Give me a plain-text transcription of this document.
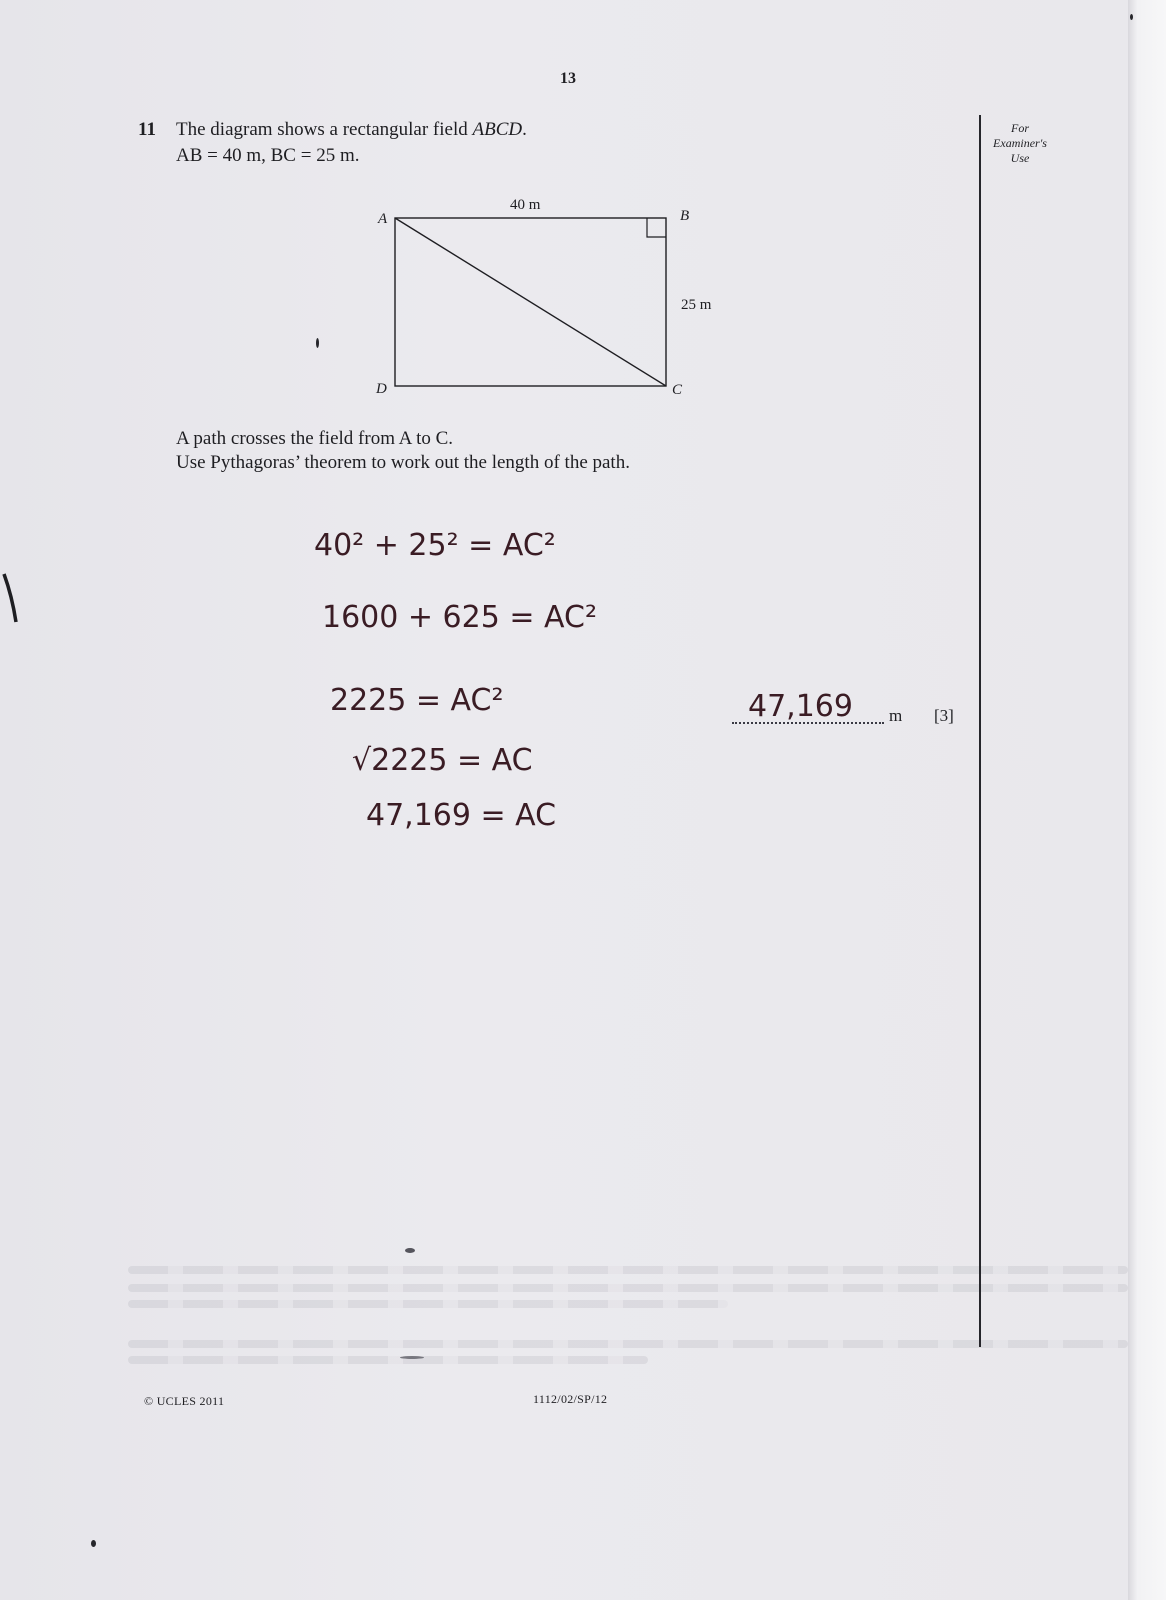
13
11 The diagram shows a rectangular field ABCD.
AB = 40 m, BC = 25 m.
For
Examiner's
Use
A	B
C
D
40 m
25 m
A path crosses the field from A to C.
Use Pythagoras’ theorem to work out the length of the path.
40² + 25² = AC²
1600 + 625 = AC²
2225 = AC²
√2225 = AC
47,169 = AC
47,169 m [3]
© UCLES 2011	1112/02/SP/12
